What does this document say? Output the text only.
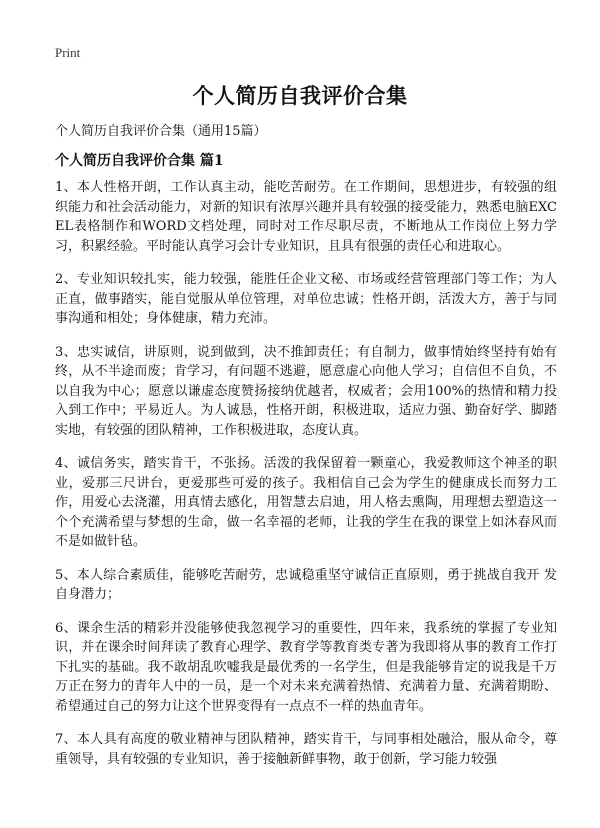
Print
个人简历自我评价合集
个人简历自我评价合集（通用15篇）
个人简历自我评价合集 篇1

1、本人性格开朗，工作认真主动，能吃苦耐劳。在工作期间，思想进步，有较强的组织能力和社会活动能力，对新的知识有浓厚兴趣并具有较强的接受能力，熟悉电脑EXCEL表格制作和WORD文档处理，同时对工作尽职尽责，不断地从工作岗位上努力学习，积累经验。平时能认真学习会计专业知识，且具有很强的责任心和进取心。

2、专业知识较扎实，能力较强，能胜任企业文秘、市场或经营管理部门等工作；为人正直，做事踏实，能自觉服从单位管理，对单位忠诚；性格开朗，活泼大方，善于与同事沟通和相处；身体健康，精力充沛。

3、忠实诚信，讲原则，说到做到，决不推卸责任；有自制力，做事情始终坚持有始有终，从不半途而废；肯学习，有问题不逃避，愿意虚心向他人学习；自信但不自负，不以自我为中心；愿意以谦虚态度赞扬接纳优越者，权威者；会用100%的热情和精力投入到工作中；平易近人。为人诚恳，性格开朗，积极进取，适应力强、勤奋好学、脚踏实地，有较强的团队精神，工作积极进取，态度认真。

4、诚信务实，踏实肯干，不张扬。活泼的我保留着一颗童心，我爱教师这个神圣的职业，爱那三尺讲台，更爱那些可爱的孩子。我相信自己会为学生的健康成长而努力工作，用爱心去浇灌，用真情去感化，用智慧去启迪，用人格去熏陶，用理想去塑造这一个个充满希望与梦想的生命，做一名幸福的老师，让我的学生在我的课堂上如沐春风而不是如做针毡。

5、本人综合素质佳，能够吃苦耐劳，忠诚稳重坚守诚信正直原则，勇于挑战自我开 发自身潜力；

6、课余生活的精彩并没能够使我忽视学习的重要性，四年来，我系统的掌握了专业知识，并在课余时间拜读了教育心理学、教育学等教育类专著为我即将从事的教育工作打下扎实的基础。我不敢胡乱吹嘘我是最优秀的一名学生，但是我能够肯定的说我是千万万正在努力的青年人中的一员，是一个对未来充满着热情、充满着力量、充满着期盼、希望通过自己的努力让这个世界变得有一点点不一样的热血青年。

7、本人具有高度的敬业精神与团队精神，踏实肯干，与同事相处融洽，服从命令，尊重领导，具有较强的专业知识，善于接触新鲜事物，敢于创新，学习能力较强
